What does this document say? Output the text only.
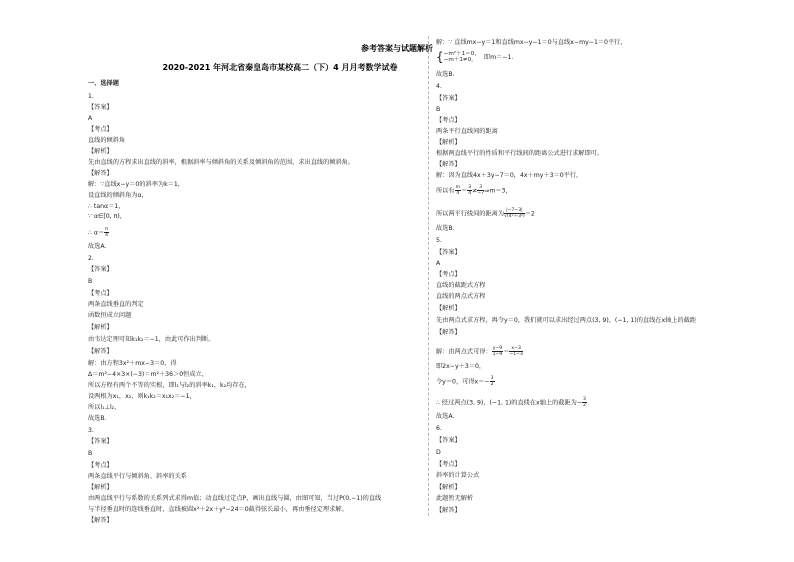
参考答案与试题解析
2020-2021 年河北省秦皇岛市某校高二（下）4 月月考数学试卷
一、选择题
1.
【答案】
A
【考点】
直线的倾斜角
【解析】
先由直线的方程求出直线的斜率，根据斜率与倾斜角的关系及倾斜角的范围，求出直线的倾斜角。
【解答】
解：∵直线x−y＝0的斜率为k＝1，
设直线的倾斜角为α，
∴ tanα＝1，
∵ α∈[0, π)，
∴ $\alpha= \frac{\pi}{4}$
故选A．
2.
【答案】
B
【考点】
两条直线垂直的判定
函数恒成立问题
【解析】
由韦达定理可知k₁k₂＝−1，由此可作出判断。
【解答】
解：由方程3x²＋mx−3＝0，得
Δ＝m²−4×3×(−3)＝m²＋36＞0恒成立，
所以方程有两个不等的实根，即l₁与l₂的斜率k₁，k₂均存在，
设两根为x₁，x₂，则k₁k₂＝x₁x₂＝−1，
所以l₁⊥l₂，
故选B．
3.
【答案】
B
【考点】
两条直线平行与倾斜角、斜率的关系
【解析】
由两直线平行与系数的关系列式求得m值；动直线过定点P，画出直线与圆，由图可知，当过P(0,−1)的直线
与半径垂直时的连线垂直时，直线被圆x²＋2x＋y²−24＝0截得弦长最小，再由垂径定理求解。
【解答】
解：∵ 直线mx−y＝1和直线mx−y−1＝0与直线x−my−1＝0平行，
{ −m²＋1＝0，
−m＋1≠0，	即m＝−1．
故选B．
4.
【答案】
B
【考点】
两条平行直线间的距离
【解析】
根据两直线平行的性质和平行线间的距离公式进行求解即可。
【解答】
解：因为直线4x＋3y−7＝0，4x＋my＋3＝0平行，
所以有 $\frac{m}{4} = \frac{3}{4} \ne \frac{3}{-7}$ ⇒m＝3，
所以两平行线间的距离为 $\frac{|-7-3|}{\text{√(4²＋3²)}} =2$
故选B．
5.
【答案】
A
【考点】
直线的截距式方程
直线的两点式方程
【解析】
先由两点式求方程，再令y＝0，我们就可以求出经过两点(3, 9)，(−1, 1)的直线在x轴上的截距
【解答】
解：由两点式可得： $\frac{y-9}{1-9} = \frac{x-3}{-1-3}$
即2x−y＋3＝0，
令y＝0，可得$x=- \frac{3}{2}$
∴ 经过两点(3, 9)，(−1, 1)的直线在x轴上的截距为− $\frac{3}{2}$
故选A．
6.
【答案】
D
【考点】
斜率的计算公式
【解析】
此题暂无解析
【解答】
